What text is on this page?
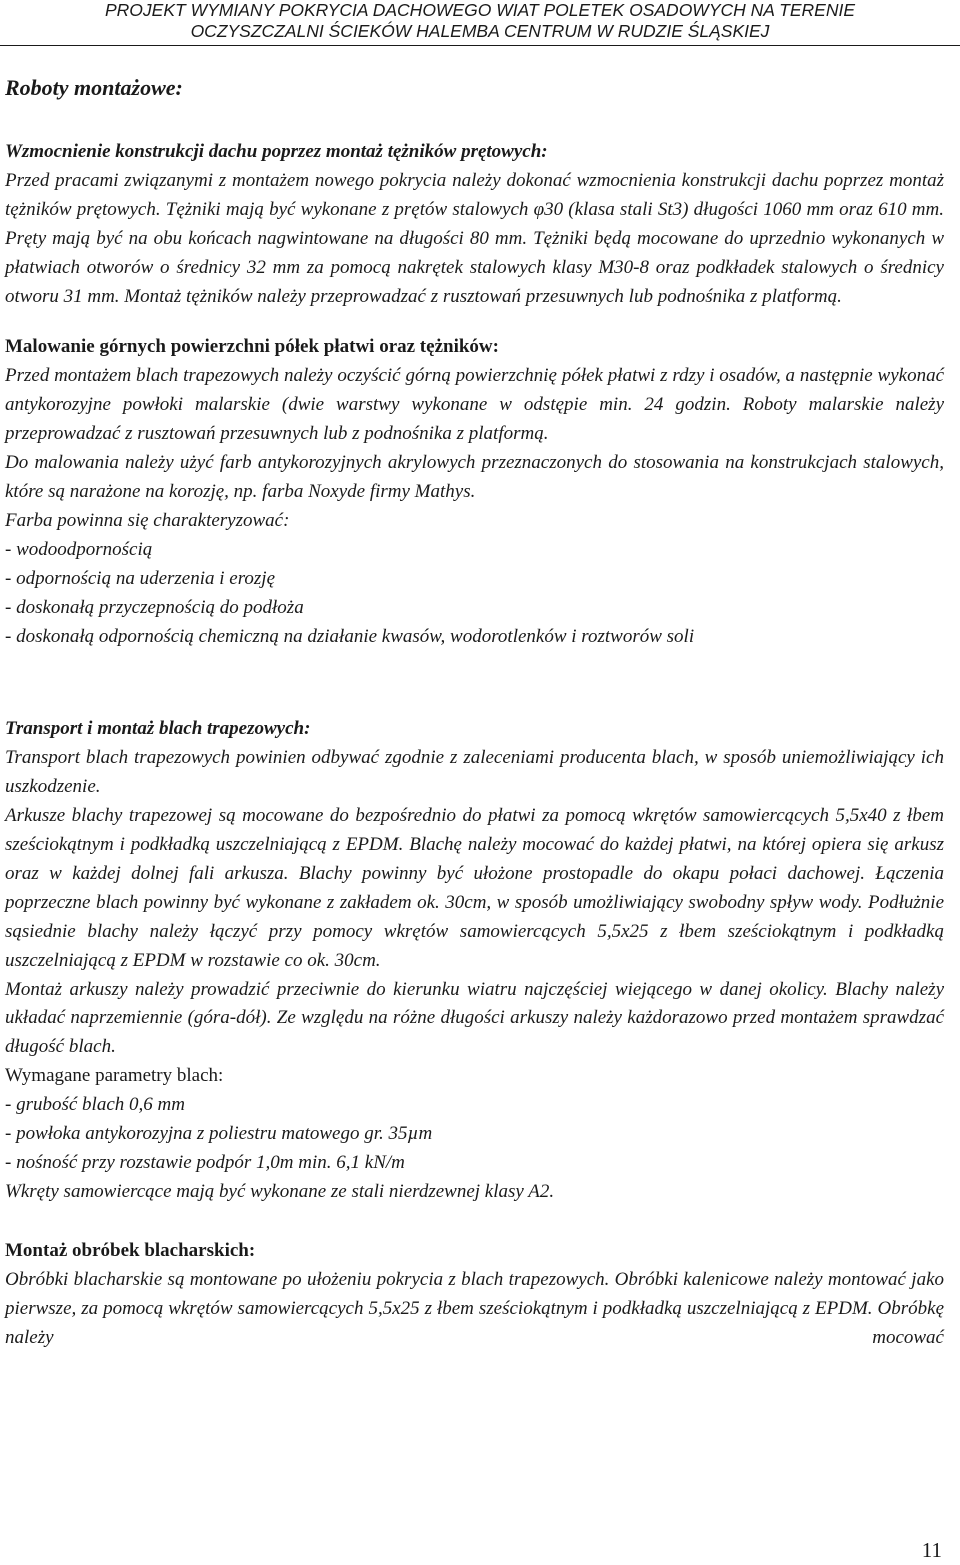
PROJEKT WYMIANY POKRYCIA DACHOWEGO WIAT POLETEK OSADOWYCH NA TERENIE
OCZYSZCZALNI ŚCIEKÓW HALEMBA CENTRUM W RUDZIE ŚLĄSKIEJ
Roboty montażowe:
Wzmocnienie konstrukcji dachu poprzez montaż tężników prętowych:

Przed pracami związanymi z montażem nowego pokrycia należy dokonać wzmocnienia konstrukcji dachu poprzez montaż tężników prętowych. Tężniki mają być wykonane z prętów stalowych φ30 (klasa stali St3) długości 1060 mm oraz 610 mm. Pręty mają być na obu końcach nagwintowane na długości 80 mm. Tężniki będą mocowane do uprzednio wykonanych w płatwiach otworów o średnicy 32 mm za pomocą nakrętek stalowych klasy M30-8 oraz podkładek stalowych o średnicy otworu 31 mm. Montaż tężników należy przeprowadzać z rusztowań przesuwnych lub podnośnika z platformą.

Malowanie górnych powierzchni półek płatwi oraz tężników:

Przed montażem blach trapezowych należy oczyścić górną powierzchnię półek płatwi z rdzy i osadów, a następnie wykonać antykorozyjne powłoki malarskie (dwie warstwy wykonane w odstępie min. 24 godzin. Roboty malarskie należy przeprowadzać z rusztowań przesuwnych lub z podnośnika z platformą.

Do malowania należy użyć farb antykorozyjnych akrylowych przeznaczonych do stosowania na konstrukcjach stalowych, które są narażone na korozję, np. farba Noxyde firmy Mathys.

Farba powinna się charakteryzować:

- wodoodpornością
- odpornością na uderzenia i erozję
- doskonałą przyczepnością do podłoża
- doskonałą odpornością chemiczną na działanie kwasów, wodorotlenków i roztworów soli
Transport i montaż blach trapezowych:

Transport blach trapezowych powinien odbywać zgodnie z zaleceniami producenta blach, w sposób uniemożliwiający ich uszkodzenie.

Arkusze blachy trapezowej są mocowane do bezpośrednio do płatwi za pomocą wkrętów samowiercących 5,5x40 z łbem sześciokątnym i podkładką uszczelniającą z EPDM. Blachę należy mocować do każdej płatwi, na której opiera się arkusz oraz w każdej dolnej fali arkusza. Blachy powinny być ułożone prostopadle do okapu połaci dachowej. Łączenia poprzeczne blach powinny być wykonane z zakładem ok. 30cm, w sposób umożliwiający swobodny spływ wody. Podłużnie sąsiednie blachy należy łączyć przy pomocy wkrętów samowiercących 5,5x25 z łbem sześciokątnym i podkładką uszczelniającą z EPDM w rozstawie co ok. 30cm.

Montaż arkuszy należy prowadzić przeciwnie do kierunku wiatru najczęściej wiejącego w danej okolicy. Blachy należy układać naprzemiennie (góra-dół). Ze względu na różne długości arkuszy należy każdorazowo przed montażem sprawdzać długość blach.

Wymagane parametry blach:

- grubość blach 0,6 mm
- powłoka antykorozyjna z poliestru matowego gr. 35µm
- nośność przy rozstawie podpór 1,0m min. 6,1 kN/m

Wkręty samowiercące mają być wykonane ze stali nierdzewnej klasy A2.

Montaż obróbek blacharskich:

Obróbki blacharskie są montowane po ułożeniu pokrycia z blach trapezowych. Obróbki kalenicowe należy montować jako pierwsze, za pomocą wkrętów samowiercących 5,5x25 z łbem sześciokątnym i podkładką uszczelniającą z EPDM. Obróbkę należy mocować

11
